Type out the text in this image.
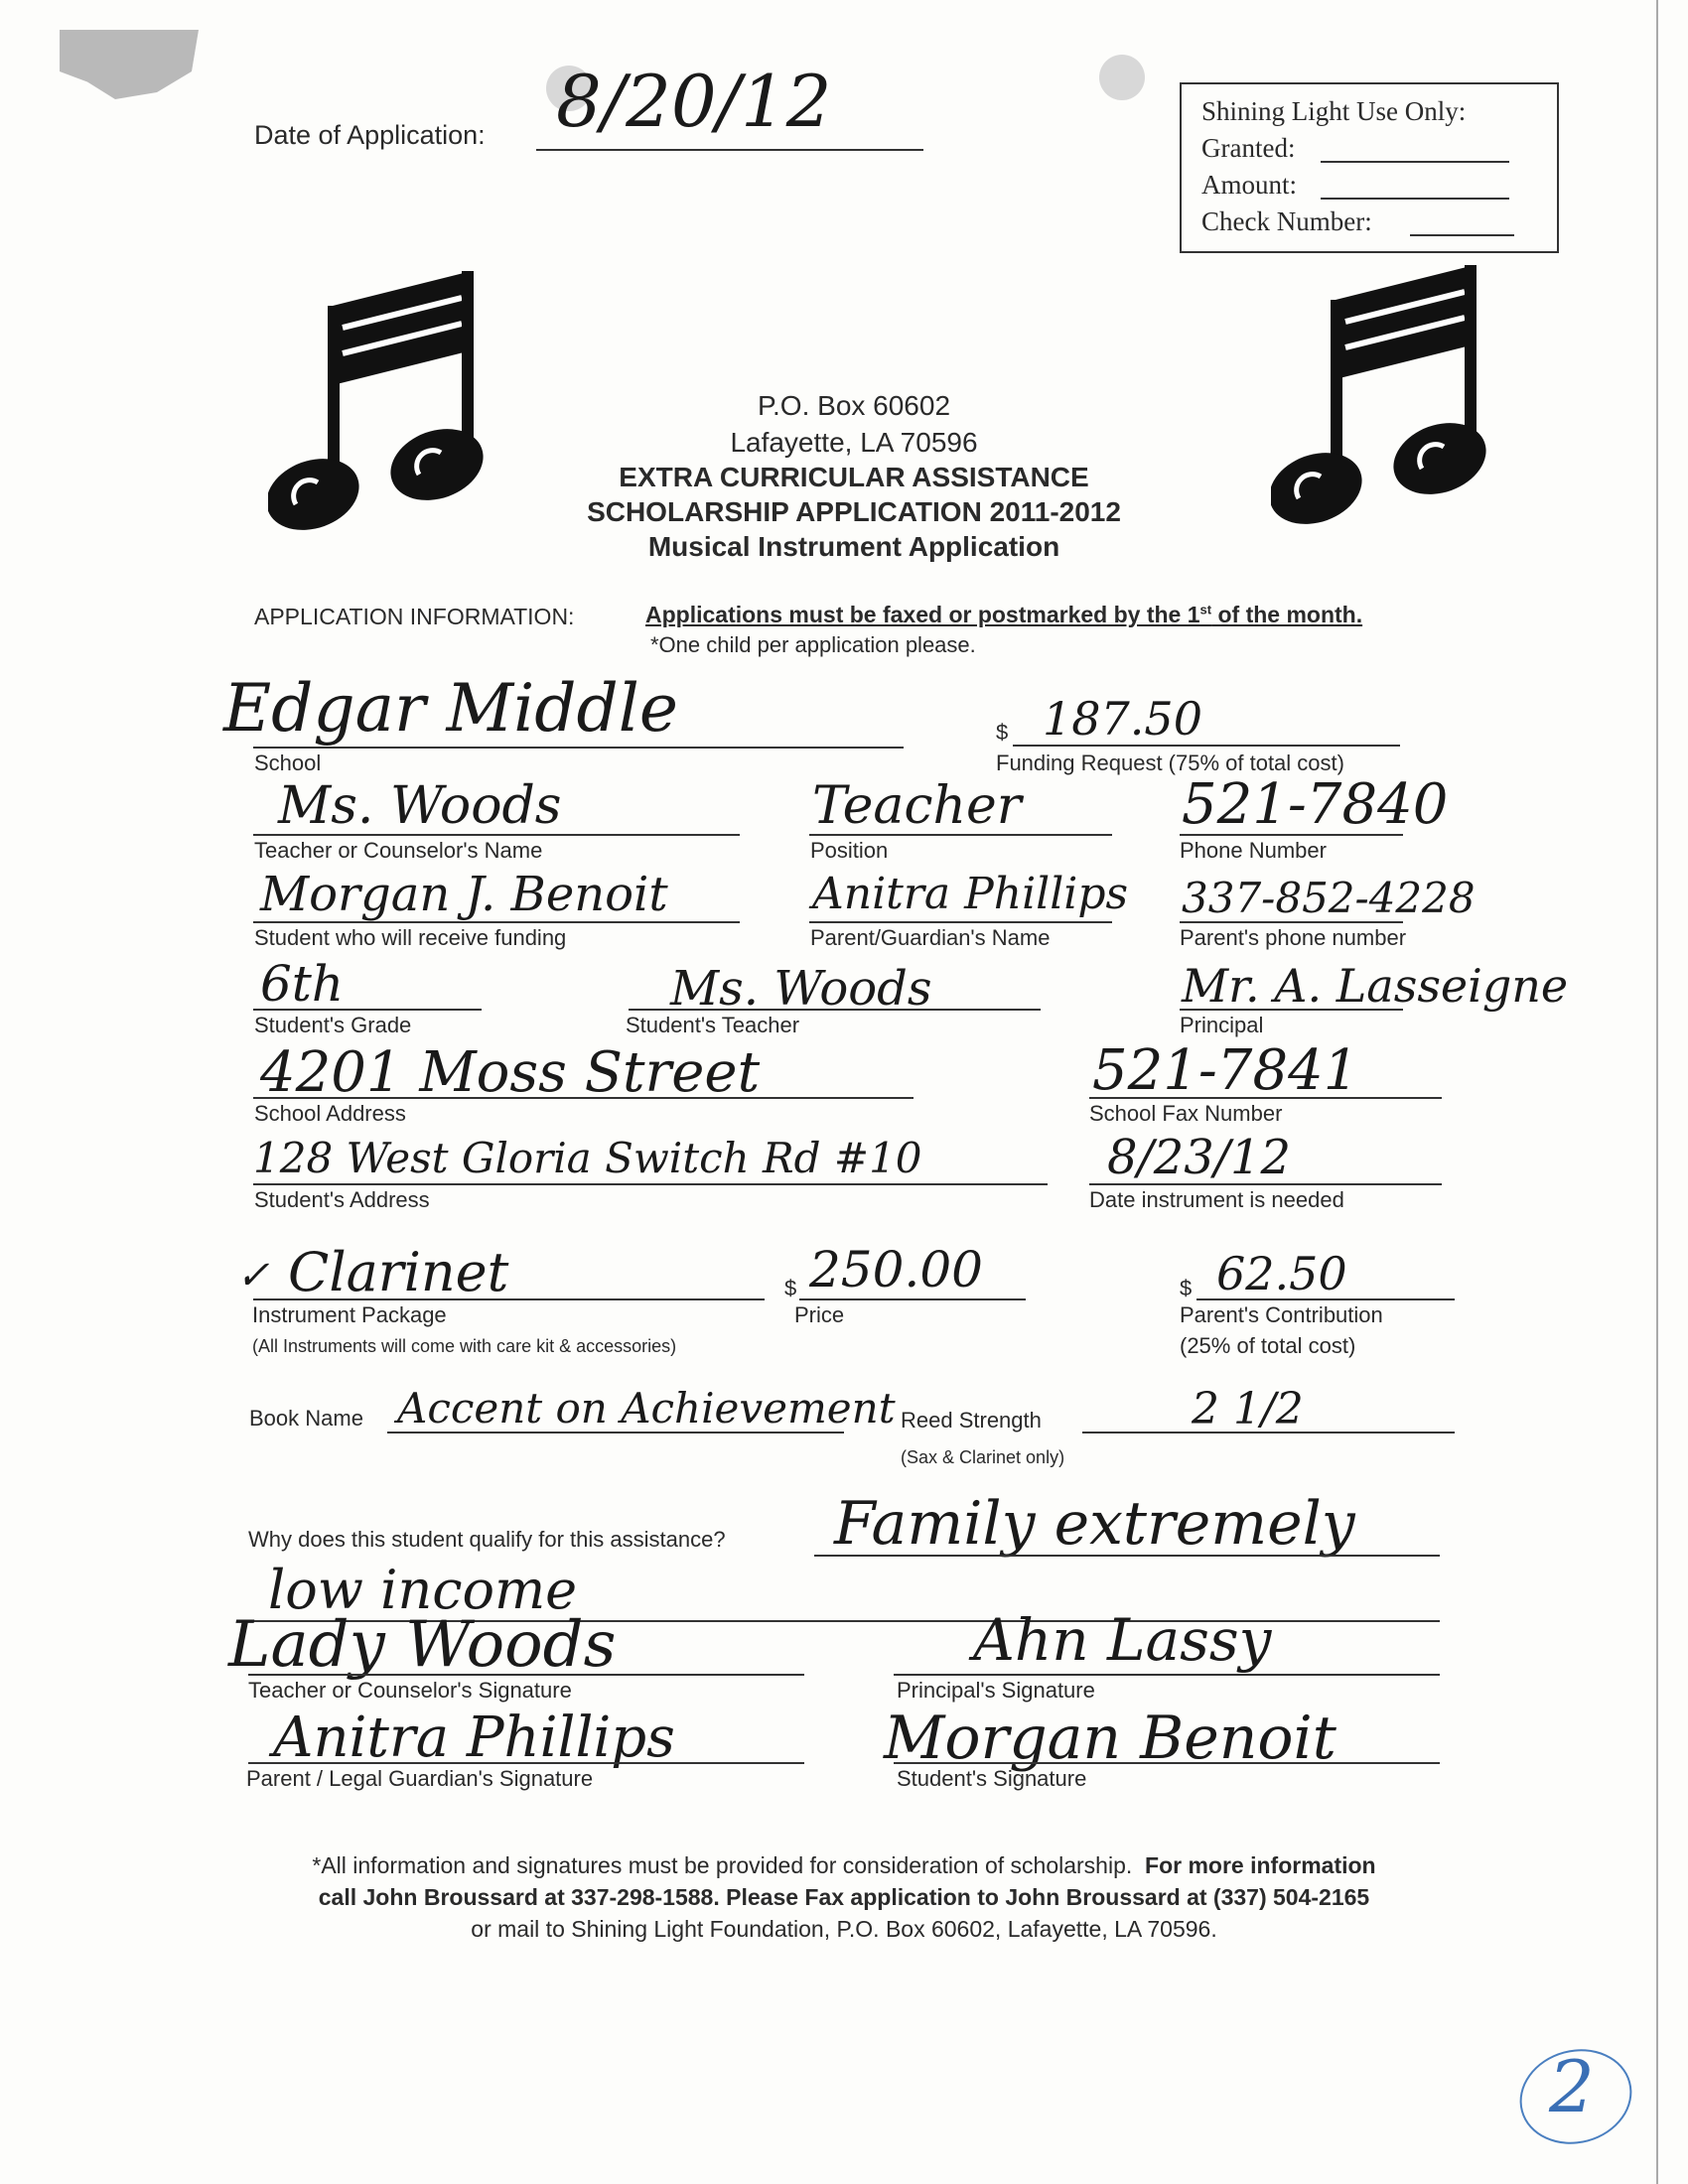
Date of Application: 8/20/12	Shining Light Use Only:
Granted:
Amount:
Check Number:
P.O. Box 60602
Lafayette, LA 70596
EXTRA CURRICULAR ASSISTANCE
SCHOLARSHIP APPLICATION 2011-2012
Musical Instrument Application
APPLICATION INFORMATION:	Applications must be faxed or postmarked by the 1st of the month.
*One child per application please.
Edgar Middle
School
$ 187.50
Funding Request (75% of total cost)
Ms. Woods
Teacher or Counselor's Name
Teacher
Position
521-7840
Phone Number
Morgan J. Benoit
Student who will receive funding
Anitra Phillips
Parent/Guardian's Name
337-852-4228
Parent's phone number
6th
Student's Grade
Ms. Woods
Student's Teacher
Mr. A. Lasseigne
Principal
4201 Moss Street
School Address
521-7841
School Fax Number
128 West Gloria Switch Rd #10
Student's Address
8/23/12
Date instrument is needed
✓ Clarinet
Instrument Package
(All Instruments will come with care kit & accessories)
$ 250.00
Price
$ 62.50
Parent's Contribution
(25% of total cost)
Book Name Accent on Achievement Reed Strength	2 1/2
(Sax & Clarinet only)
Why does this student qualify for this assistance? Family extremely
low income
Lady Woods
Teacher or Counselor's Signature
Ahn Lassy
Principal's Signature
Anitra Phillips
Parent / Legal Guardian's Signature
Morgan Benoit
Student's Signature
*All information and signatures must be provided for consideration of scholarship. For more information
call John Broussard at 337-298-1588. Please Fax application to John Broussard at (337) 504-2165
or mail to Shining Light Foundation, P.O. Box 60602, Lafayette, LA 70596.
2
